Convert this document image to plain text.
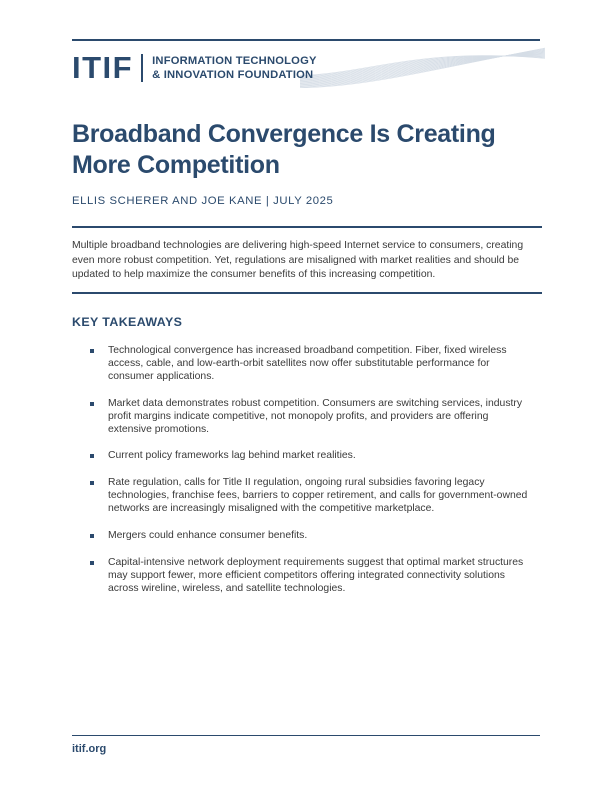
ITIF INFORMATION TECHNOLOGY
& INNOVATION FOUNDATION
Broadband Convergence Is Creating More Competition
ELLIS SCHERER AND JOE KANE | JULY 2025

Multiple broadband technologies are delivering high-speed Internet service to consumers, creating even more robust competition. Yet, regulations are misaligned with market realities and should be updated to help maximize the consumer benefits of this increasing competition.

KEY TAKEAWAYS
Technological convergence has increased broadband competition. Fiber, fixed wireless access, cable, and low-earth-orbit satellites now offer substitutable performance for consumer applications.
Market data demonstrates robust competition. Consumers are switching services, industry profit margins indicate competitive, not monopoly profits, and providers are offering extensive promotions.
Current policy frameworks lag behind market realities.
Rate regulation, calls for Title II regulation, ongoing rural subsidies favoring legacy technologies, franchise fees, barriers to copper retirement, and calls for government-owned networks are increasingly misaligned with the competitive marketplace.
Mergers could enhance consumer benefits.
Capital-intensive network deployment requirements suggest that optimal market structures may support fewer, more efficient competitors offering integrated connectivity solutions across wireline, wireless, and satellite technologies.
itif.org
